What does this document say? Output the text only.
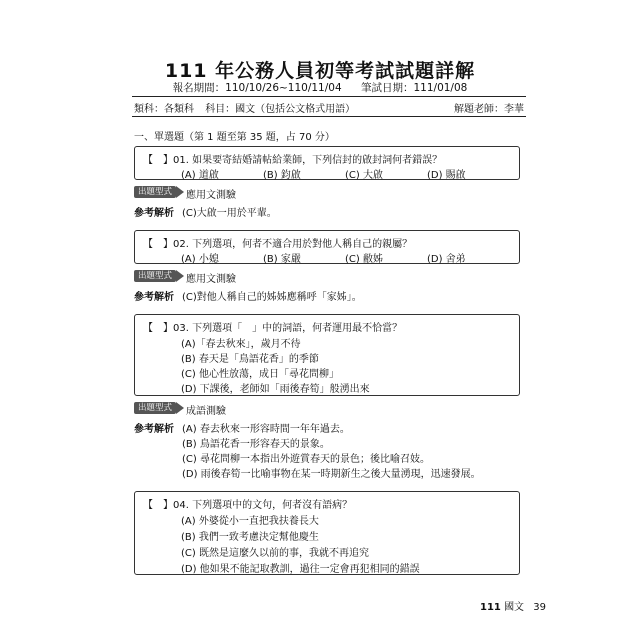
111 年公務人員初等考試試題詳解
報名期間：110/10/26~110/11/04 筆試日期：111/01/08
類科：各類科 科目：國文（包括公文格式用語）	解題老師：李華
一、單選題（第 1 題至第 35 題，占 70 分）
【　】01. 如果要寄結婚請帖給業師，下列信封的啟封詞何者錯誤？
(A) 道啟	(B) 鈞啟	(C) 大啟	(D) 賜啟
出題型式	應用文測驗
參考解析 (C)大啟一用於平輩。
【　】02. 下列選項，何者不適合用於對他人稱自己的親屬？
(A) 小媳	(B) 家嚴	(C) 敝姊	(D) 舍弟
出題型式	應用文測驗
參考解析 (C)對他人稱自己的姊姊應稱呼「家姊」。
【　】03. 下列選項「　」中的詞語，何者運用最不恰當？
(A)「春去秋來」，歲月不待
(B) 春天是「鳥語花香」的季節
(C) 他心性放蕩，成日「尋花問柳」
(D) 下課後，老師如「雨後春筍」般湧出來
出題型式	成語測驗
參考解析 (A) 春去秋來一形容時間一年年過去。
(B) 鳥語花香一形容春天的景象。
(C) 尋花問柳一本指出外遊賞春天的景色；後比喻召妓。
(D) 雨後春筍一比喻事物在某一時期新生之後大量湧現，迅速發展。
【　】04. 下列選項中的文句，何者沒有語病？
(A) 外婆從小一直把我扶養長大
(B) 我們一致考慮決定幫他慶生
(C) 既然是這麼久以前的事，我就不再追究
(D) 他如果不能記取教訓，過往一定會再犯相同的錯誤
111 國文 39
